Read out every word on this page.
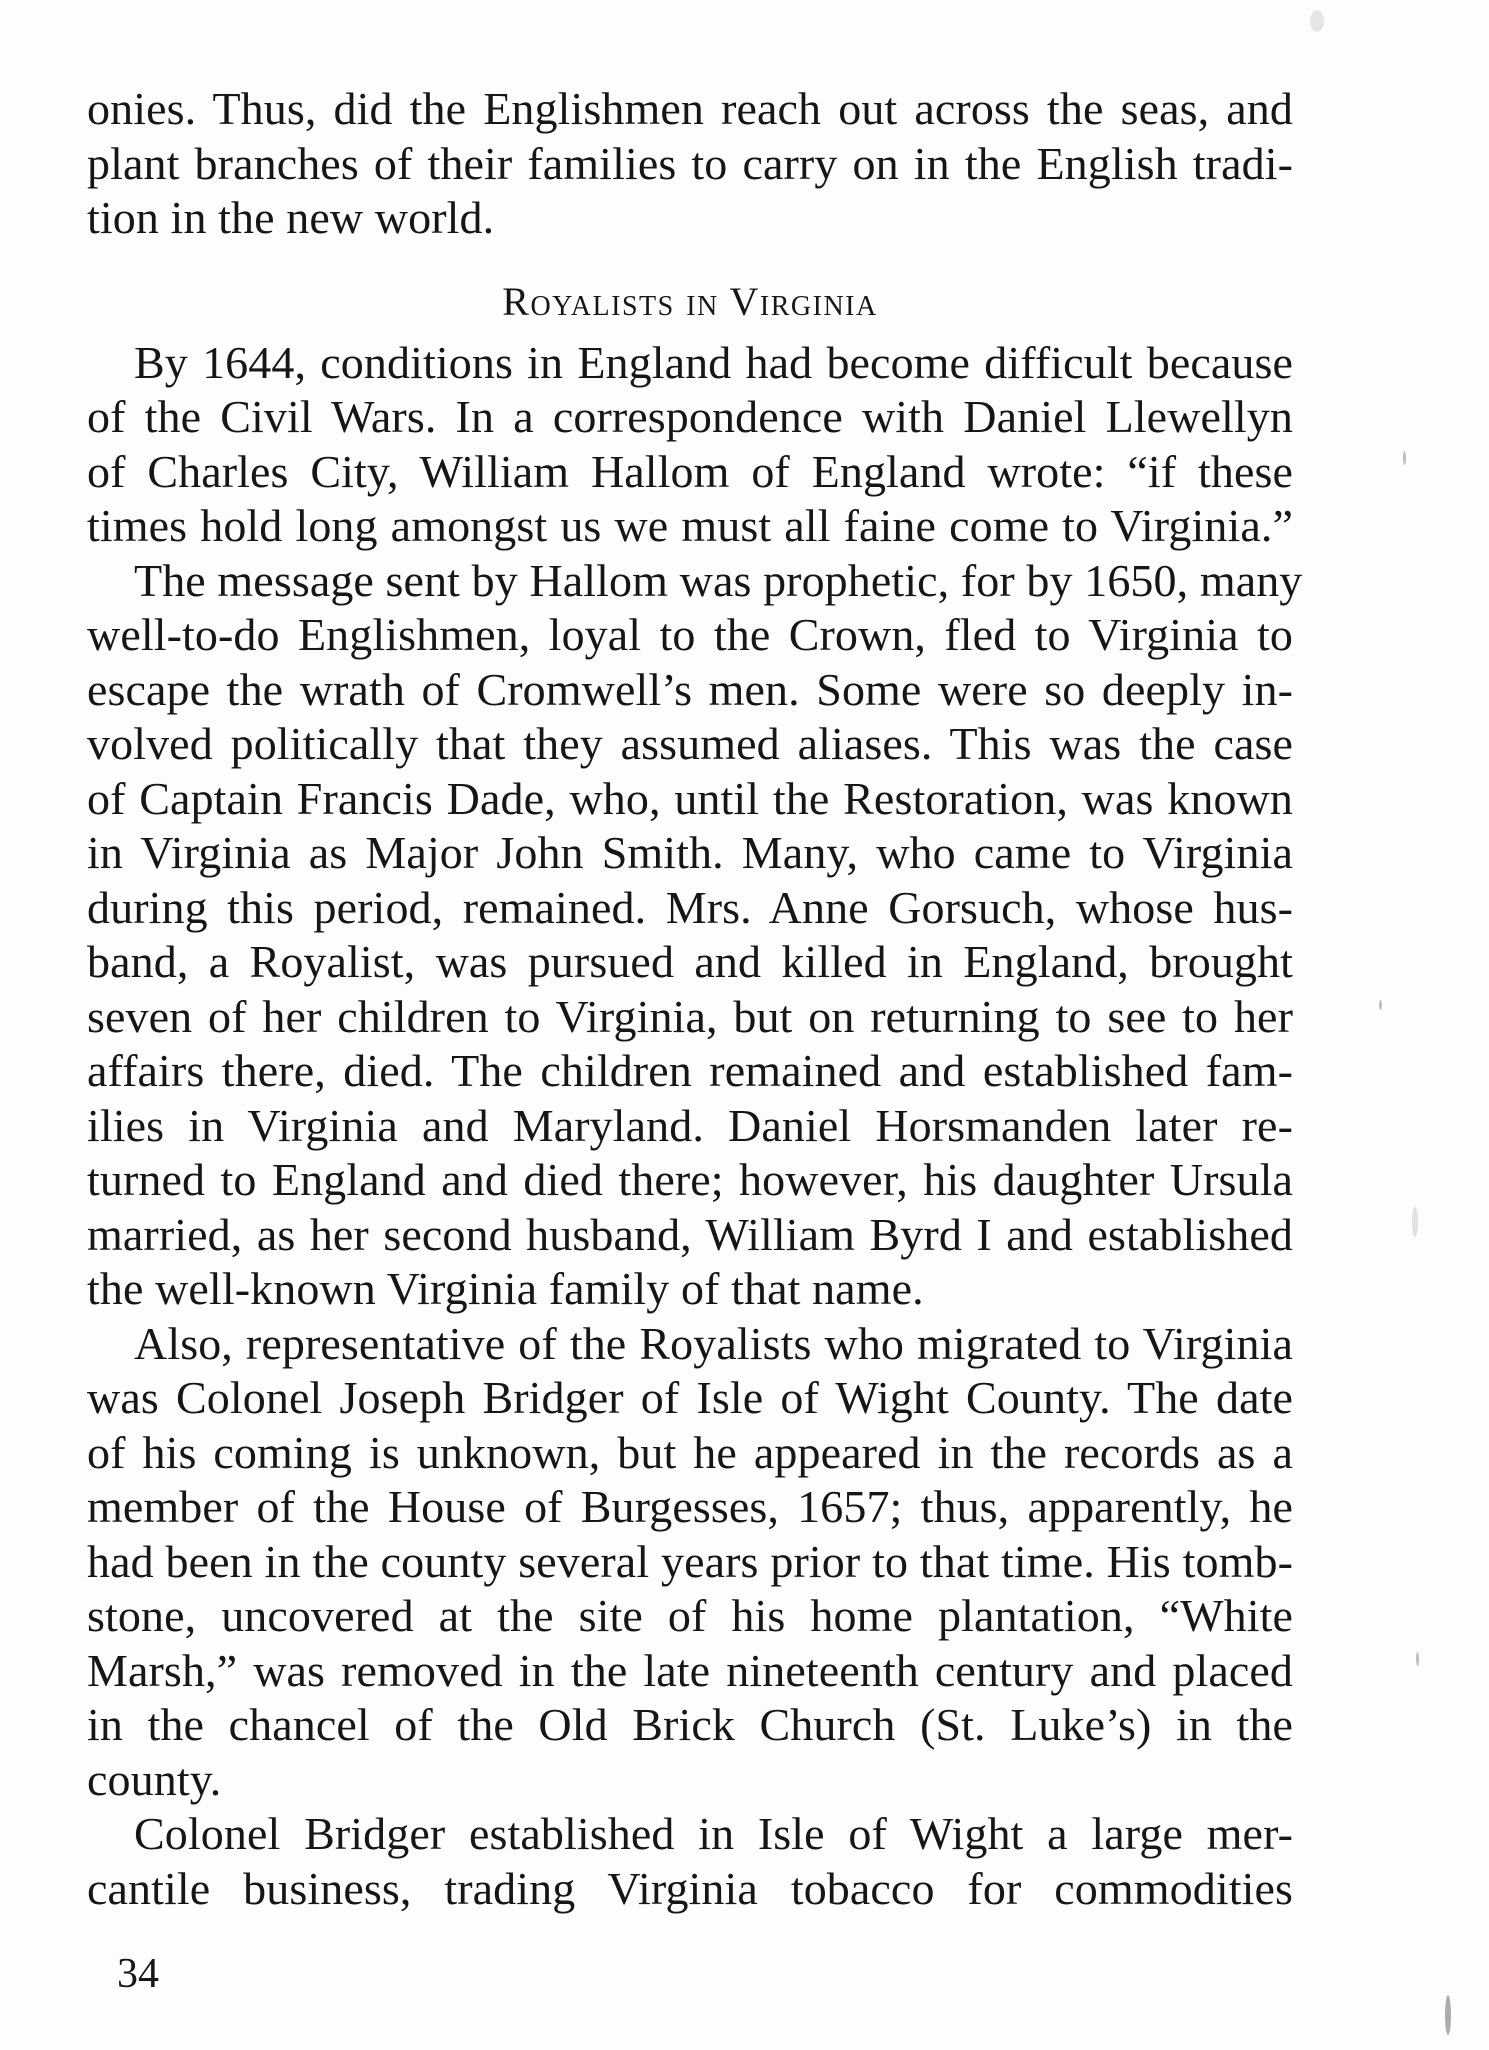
onies. Thus, did the Englishmen reach out across the seas, and
plant branches of their families to carry on in the English tradi-
tion in the new world.
Royalists in Virginia
By 1644, conditions in England had become difficult because
of the Civil Wars. In a correspondence with Daniel Llewellyn
of Charles City, William Hallom of England wrote: “if these
times hold long amongst us we must all faine come to Virginia.”
The message sent by Hallom was prophetic, for by 1650, many
well-to-do Englishmen, loyal to the Crown, fled to Virginia to
escape the wrath of Cromwell’s men. Some were so deeply in-
volved politically that they assumed aliases. This was the case
of Captain Francis Dade, who, until the Restoration, was known
in Virginia as Major John Smith. Many, who came to Virginia
during this period, remained. Mrs. Anne Gorsuch, whose hus-
band, a Royalist, was pursued and killed in England, brought
seven of her children to Virginia, but on returning to see to her
affairs there, died. The children remained and established fam-
ilies in Virginia and Maryland. Daniel Horsmanden later re-
turned to England and died there; however, his daughter Ursula
married, as her second husband, William Byrd I and established
the well-known Virginia family of that name.
Also, representative of the Royalists who migrated to Virginia
was Colonel Joseph Bridger of Isle of Wight County. The date
of his coming is unknown, but he appeared in the records as a
member of the House of Burgesses, 1657; thus, apparently, he
had been in the county several years prior to that time. His tomb-
stone, uncovered at the site of his home plantation, “White
Marsh,” was removed in the late nineteenth century and placed
in the chancel of the Old Brick Church (St. Luke’s) in the
county.
Colonel Bridger established in Isle of Wight a large mer-
cantile business, trading Virginia tobacco for commodities
34
